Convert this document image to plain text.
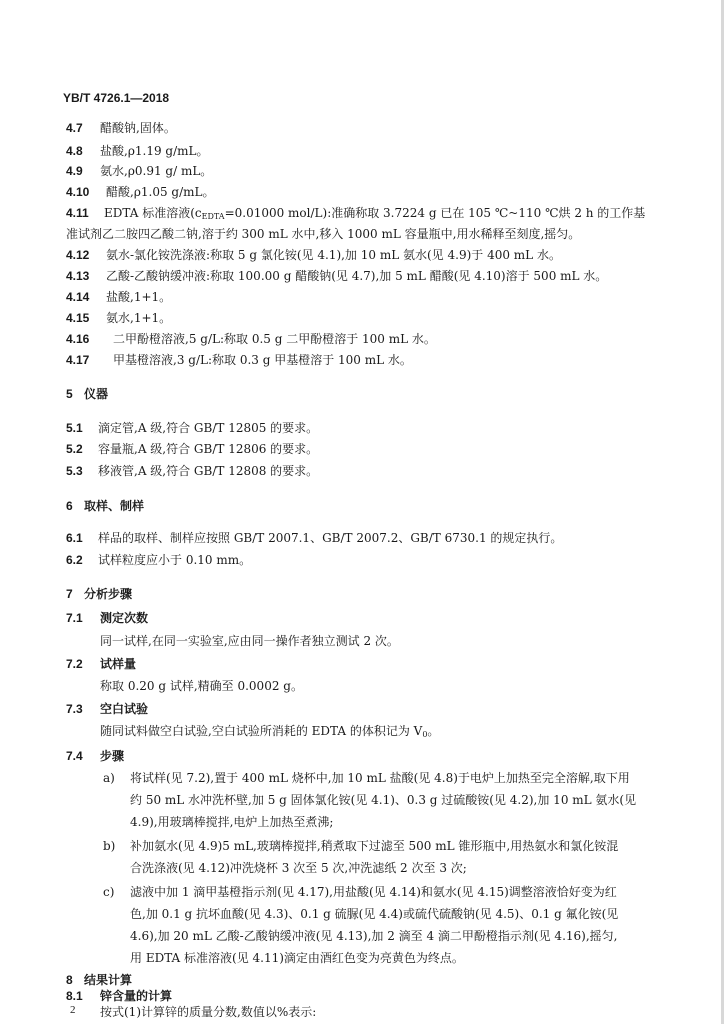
YB/T 4726.1—2018
4.7 醋酸钠,固体。
4.8 盐酸,ρ1.19 g/mL。
4.9 氨水,ρ0.91 g/ mL。
4.10 醋酸,ρ1.05 g/mL。
4.11 EDTA 标准溶液($c_{EDTA}=0.01000$ mol/L):准确称取 3.7224 g 已在 105 ℃~110 ℃烘 2 h 的工作基
准试剂乙二胺四乙酸二钠,溶于约 300 mL 水中,移入 1000 mL 容量瓶中,用水稀释至刻度,摇匀。
4.12 氨水-氯化铵洗涤液:称取 5 g 氯化铵(见 4.1),加 10 mL 氨水(见 4.9)于 400 mL 水。
4.13 乙酸-乙酸钠缓冲液:称取 100.00 g 醋酸钠(见 4.7),加 5 mL 醋酸(见 4.10)溶于 500 mL 水。
4.14 盐酸,1+1。
4.15 氨水,1+1。
4.16 二甲酚橙溶液,5 g/L:称取 0.5 g 二甲酚橙溶于 100 mL 水。
4.17 甲基橙溶液,3 g/L:称取 0.3 g 甲基橙溶于 100 mL 水。
5 仪器
5.1 滴定管,A 级,符合 GB/T 12805 的要求。
5.2 容量瓶,A 级,符合 GB/T 12806 的要求。
5.3 移液管,A 级,符合 GB/T 12808 的要求。
6 取样、制样
6.1 样品的取样、制样应按照 GB/T 2007.1、GB/T 2007.2、GB/T 6730.1 的规定执行。
6.2 试样粒度应小于 0.10 mm。
7 分析步骤
7.1 测定次数
同一试样,在同一实验室,应由同一操作者独立测试 2 次。
7.2 试样量
称取 0.20 g 试样,精确至 0.0002 g。
7.3 空白试验
随同试料做空白试验,空白试验所消耗的 EDTA 的体积记为 $V_0$。
7.4 步骤
a) 将试样(见 7.2),置于 400 mL 烧杯中,加 10 mL 盐酸(见 4.8)于电炉上加热至完全溶解,取下用
约 50 mL 水冲洗杯壁,加 5 g 固体氯化铵(见 4.1)、0.3 g 过硫酸铵(见 4.2),加 10 mL 氨水(见
4.9),用玻璃棒搅拌,电炉上加热至煮沸;
b) 补加氨水(见 4.9)5 mL,玻璃棒搅拌,稍煮取下过滤至 500 mL 锥形瓶中,用热氨水和氯化铵混
合洗涤液(见 4.12)冲洗烧杯 3 次至 5 次,冲洗滤纸 2 次至 3 次;
c) 滤液中加 1 滴甲基橙指示剂(见 4.17),用盐酸(见 4.14)和氨水(见 4.15)调整溶液恰好变为红
色,加 0.1 g 抗坏血酸(见 4.3)、0.1 g 硫脲(见 4.4)或硫代硫酸钠(见 4.5)、0.1 g 氟化铵(见
4.6),加 20 mL 乙酸-乙酸钠缓冲液(见 4.13),加 2 滴至 4 滴二甲酚橙指示剂(见 4.16),摇匀,
用 EDTA 标准溶液(见 4.11)滴定由酒红色变为亮黄色为终点。
8 结果计算
8.1 锌含量的计算
按式(1)计算锌的质量分数,数值以%表示:
2
